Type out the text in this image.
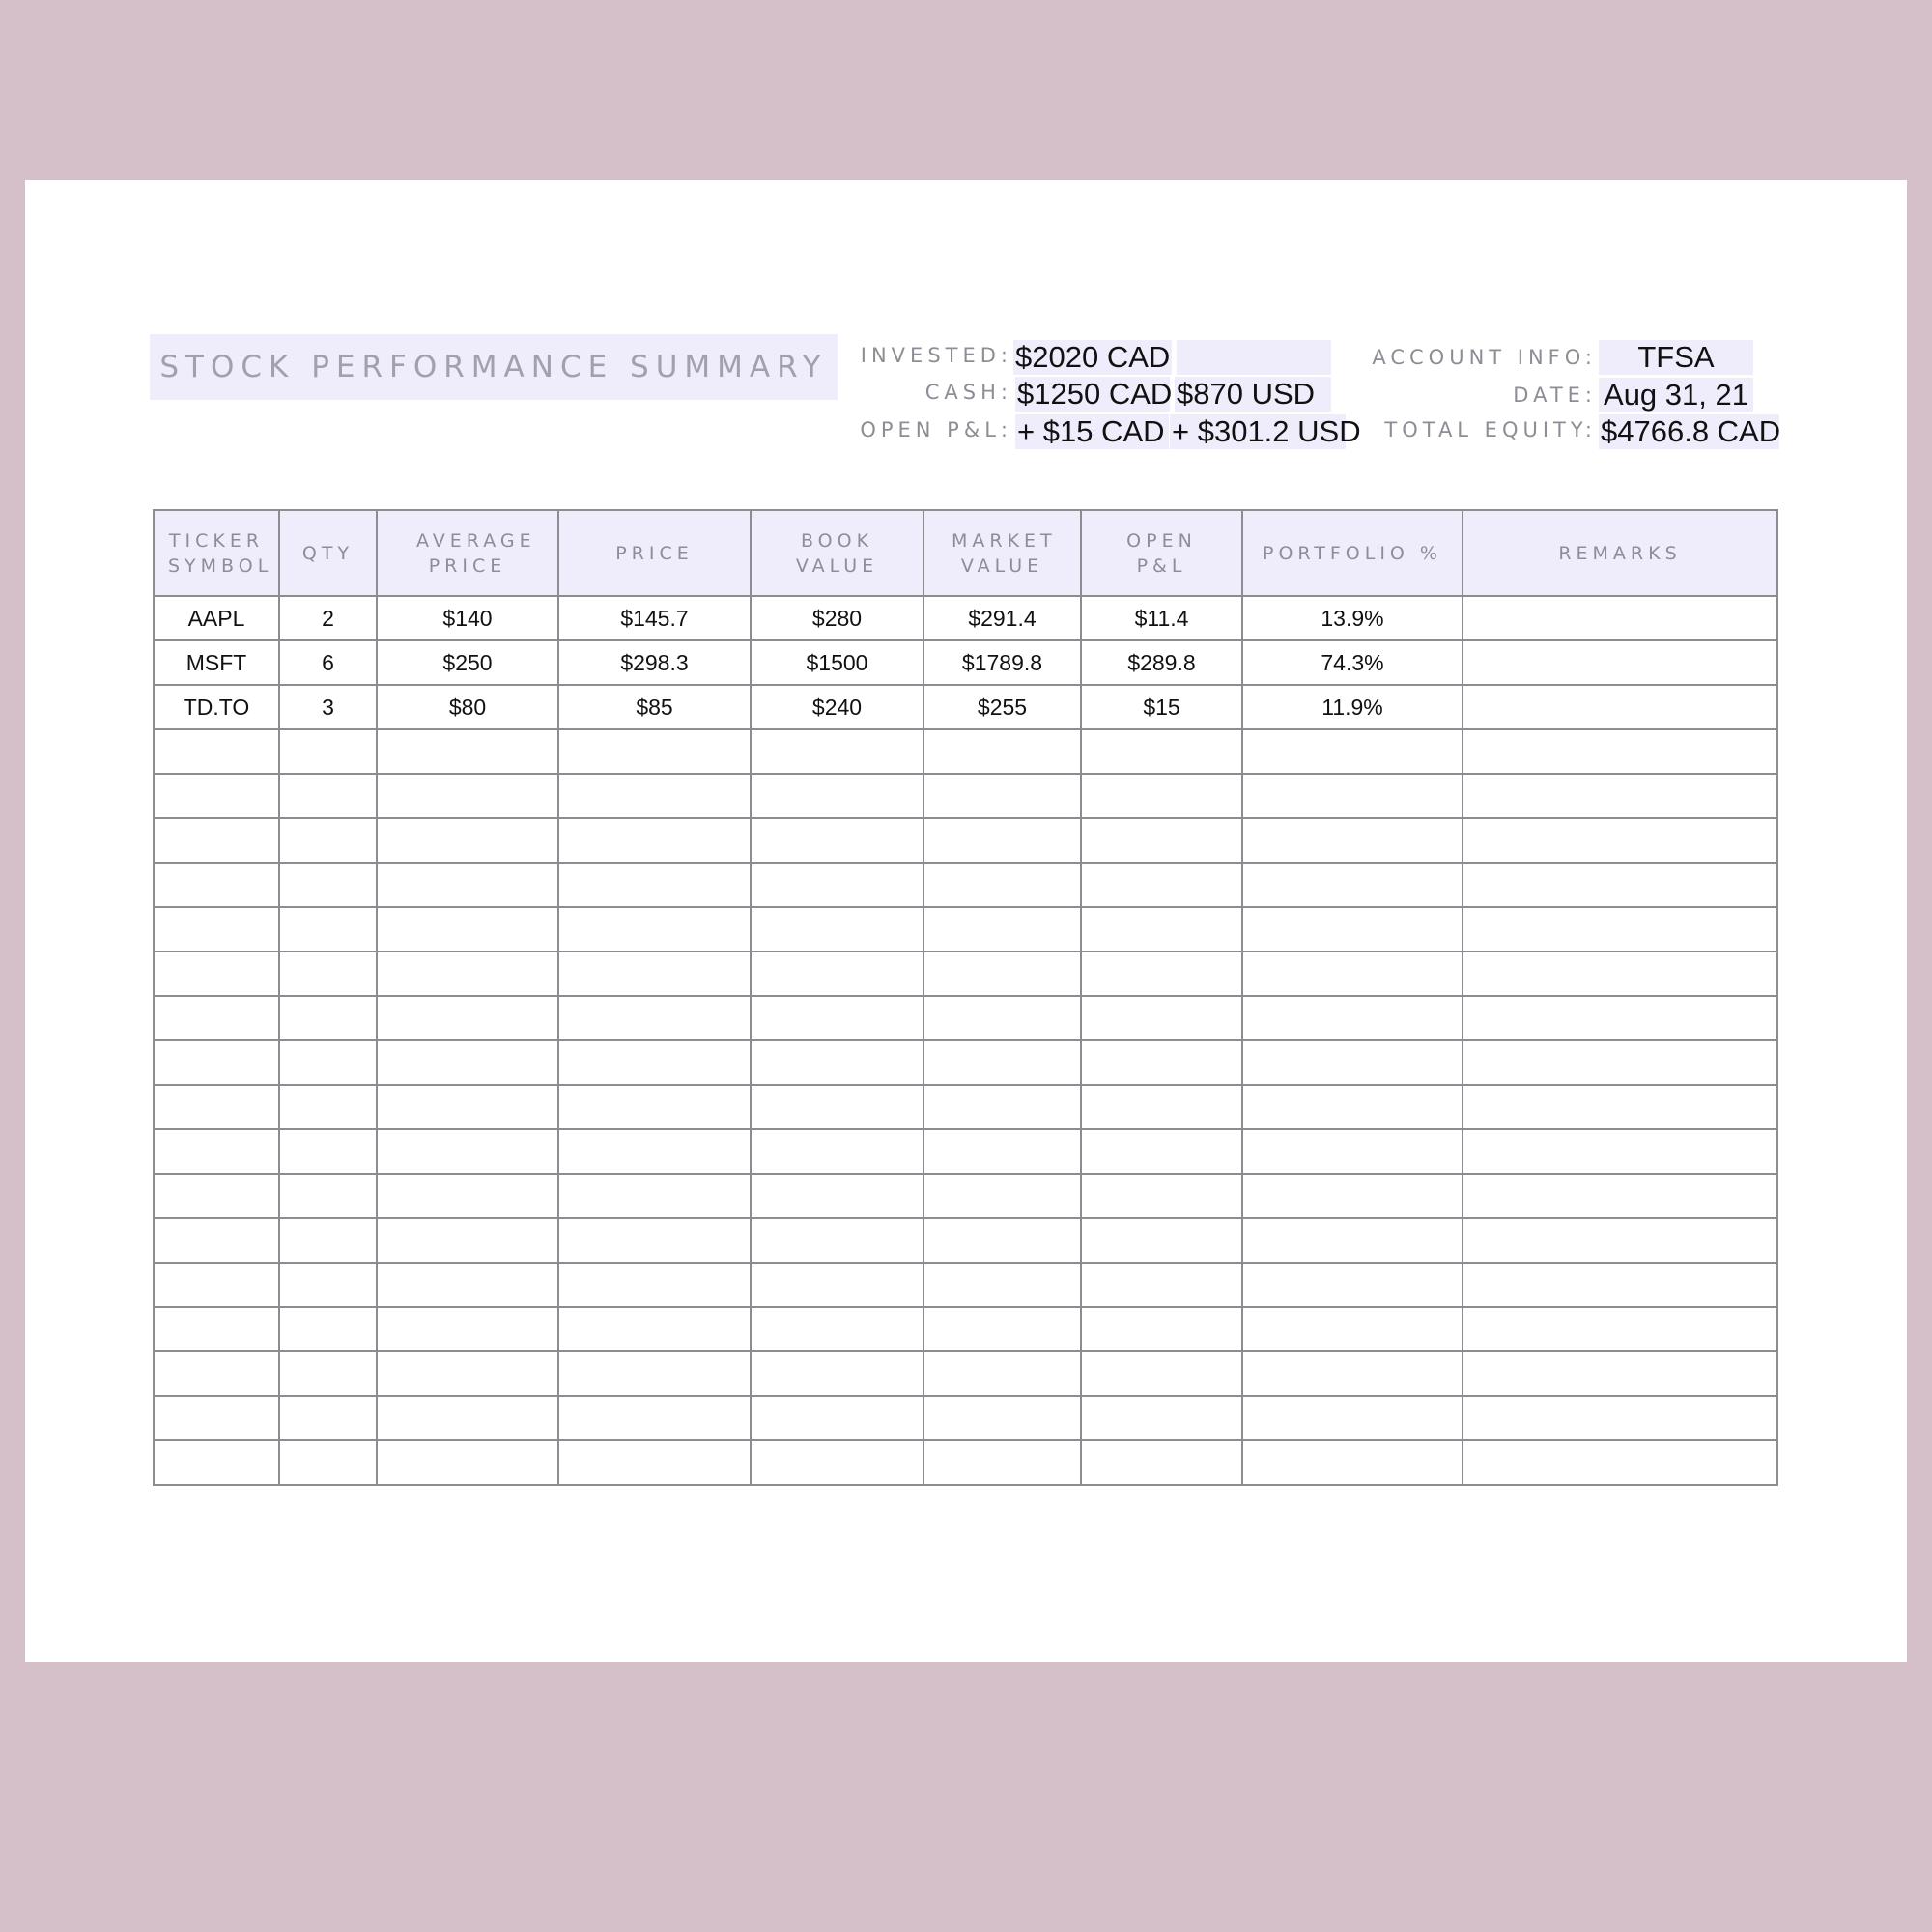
STOCK PERFORMANCE SUMMARY	INVESTED: $2020 CAD
CASH: $1250 CAD $870 USD
OPEN P&L: + $15 CAD + $301.2 USD
ACCOUNT INFO:	TFSA
DATE: Aug 31, 21
TOTAL EQUITY: $4766.8 CAD
TICKER SYMBOL	QTY	AVERAGE PRICE	PRICE	BOOK VALUE	MARKET VALUE	OPEN P&L	PORTFOLIO %	REMARKS
AAPL	2	$140	$145.7	$280	$291.4	$11.4	13.9%	
MSFT	6	$250	$298.3	$1500	$1789.8	$289.8	74.3%	
TD.TO	3	$80	$85	$240	$255	$15	11.9%	
